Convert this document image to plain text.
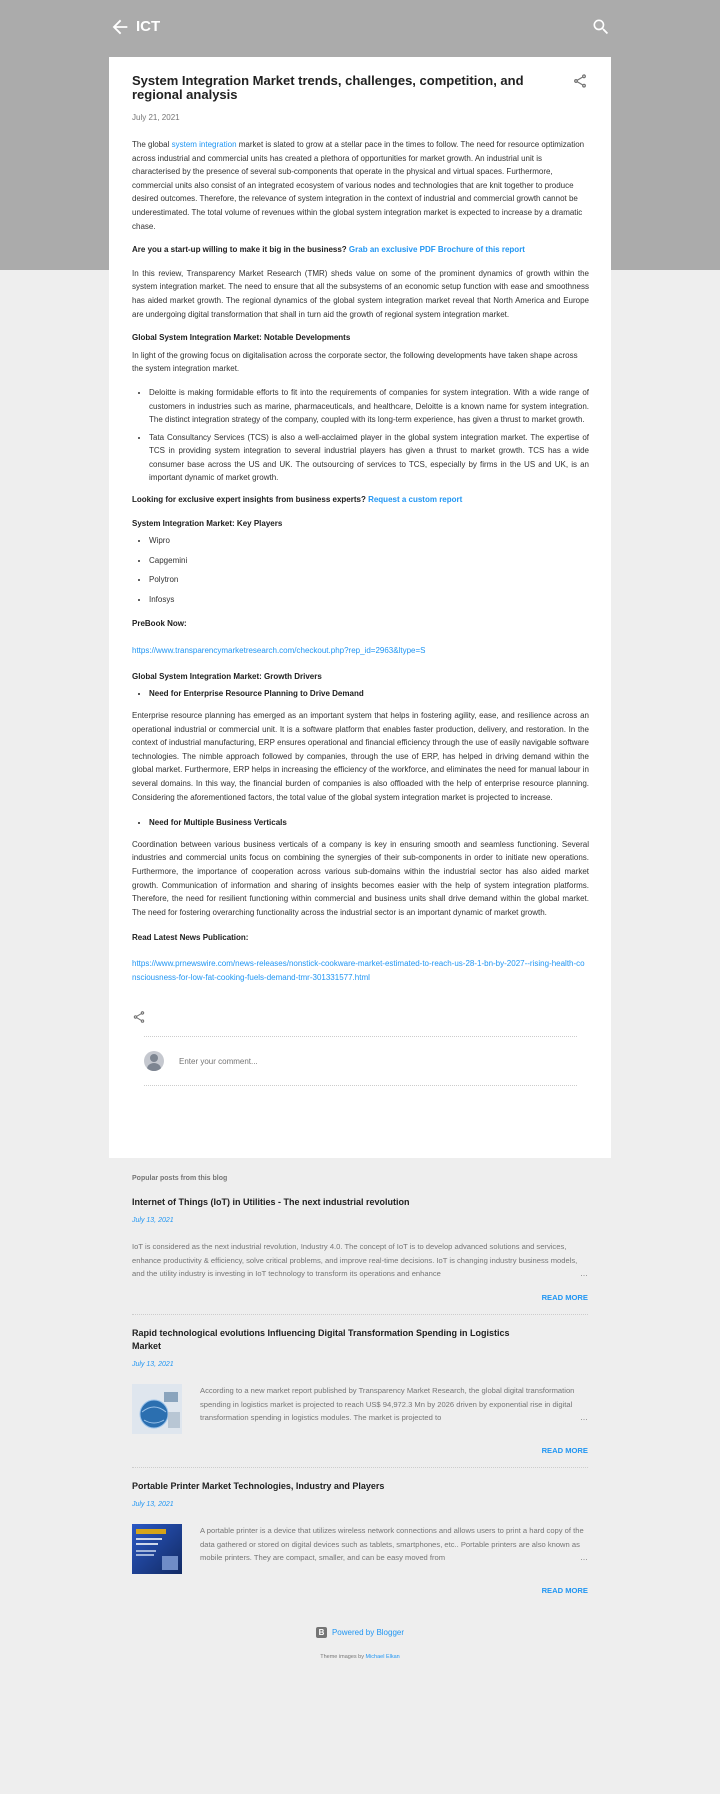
ICT
System Integration Market trends, challenges, competition, and regional analysis
July 21, 2021

The global system integration market is slated to grow at a stellar pace in the times to follow. The need for resource optimization across industrial and commercial units has created a plethora of opportunities for market growth. An industrial unit is characterised by the presence of several sub-components that operate in the physical and virtual spaces. Furthermore, commercial units also consist of an integrated ecosystem of various nodes and technologies that are knit together to produce desired outcomes. Therefore, the relevance of system integration in the context of industrial and commercial growth cannot be underestimated. The total volume of revenues within the global system integration market is expected to increase by a dramatic chase.

Are you a start-up willing to make it big in the business? Grab an exclusive PDF Brochure of this report

In this review, Transparency Market Research (TMR) sheds value on some of the prominent dynamics of growth within the system integration market. The need to ensure that all the subsystems of an economic setup function with ease and smoothness has aided market growth. The regional dynamics of the global system integration market reveal that North America and Europe are undergoing digital transformation that shall in turn aid the growth of regional system integration market.

Global System Integration Market: Notable Developments

In light of the growing focus on digitalisation across the corporate sector, the following developments have taken shape across the system integration market.

• Deloitte is making formidable efforts to fit into the requirements of companies for system integration. With a wide range of customers in industries such as marine, pharmaceuticals, and healthcare, Deloitte is a known name for system integration. The distinct integration strategy of the company, coupled with its long-term experience, has given a thrust to market growth.
• Tata Consultancy Services (TCS) is also a well-acclaimed player in the global system integration market. The expertise of TCS in providing system integration to several industrial players has given a thrust to market growth. TCS has a wide consumer base across the US and UK. The outsourcing of services to TCS, especially by firms in the US and UK, is an important dynamic of market growth.

Looking for exclusive expert insights from business experts? Request a custom report

System Integration Market: Key Players
• Wipro
• Capgemini
• Polytron
• Infosys

PreBook Now:

https://www.transparencymarketresearch.com/checkout.php?rep_id=2963&ltype=S

Global System Integration Market: Growth Drivers
• Need for Enterprise Resource Planning to Drive Demand

Enterprise resource planning has emerged as an important system that helps in fostering agility, ease, and resilience across an operational industrial or commercial unit. It is a software platform that enables faster production, delivery, and restoration. In the context of industrial manufacturing, ERP ensures operational and financial efficiency through the use of easily navigable software technologies. The nimble approach followed by companies, through the use of ERP, has helped in driving demand within the global market. Furthermore, ERP helps in increasing the efficiency of the workforce, and eliminates the need for manual labour in several domains. In this way, the financial burden of companies is also offloaded with the help of enterprise resource planning. Considering the aforementioned factors, the total value of the global system integration market is projected to increase.

• Need for Multiple Business Verticals

Coordination between various business verticals of a company is key in ensuring smooth and seamless functioning. Several industries and commercial units focus on combining the synergies of their sub-components in order to initiate new operations. Furthermore, the importance of cooperation across various sub-domains within the industrial sector has also aided market growth. Communication of information and sharing of insights becomes easier with the help of system integration platforms. Therefore, the need for resilient functioning within commercial and business units shall drive demand within the global market. The need for fostering overarching functionality across the industrial sector is an important dynamic of market growth.

Read Latest News Publication:

https://www.prnewswire.com/news-releases/nonstick-cookware-market-estimated-to-reach-us-28-1-bn-by-2027--rising-health-consciousness-for-low-fat-cooking-fuels-demand-tmr-301331577.html

Enter your comment...
Popular posts from this blog
Internet of Things (IoT) in Utilities - The next industrial revolution
July 13, 2021
IoT is considered as the next industrial revolution, Industry 4.0. The concept of IoT is to develop advanced solutions and services, enhance productivity & efficiency, solve critical problems, and improve real-time decisions. IoT is changing industry business models, and the utility industry is investing in IoT technology to transform its operations and enhance	…
READ MORE
Rapid technological evolutions Influencing Digital Transformation Spending in Logistics Market
July 13, 2021
According to a new market report published by Transparency Market Research, the global digital transformation spending in logistics market is projected to reach US$ 94,972.3 Mn by 2026 driven by exponential rise in digital transformation spending in logistics modules. The market is projected to	…
READ MORE
Portable Printer Market Technologies, Industry and Players
July 13, 2021
A portable printer is a device that utilizes wireless network connections and allows users to print a hard copy of the data gathered or stored on digital devices such as tablets, smartphones, etc.. Portable printers are also known as mobile printers. They are compact, smaller, and can be easy moved from	…
READ MORE
B Powered by Blogger
Theme images by Michael Elkan
